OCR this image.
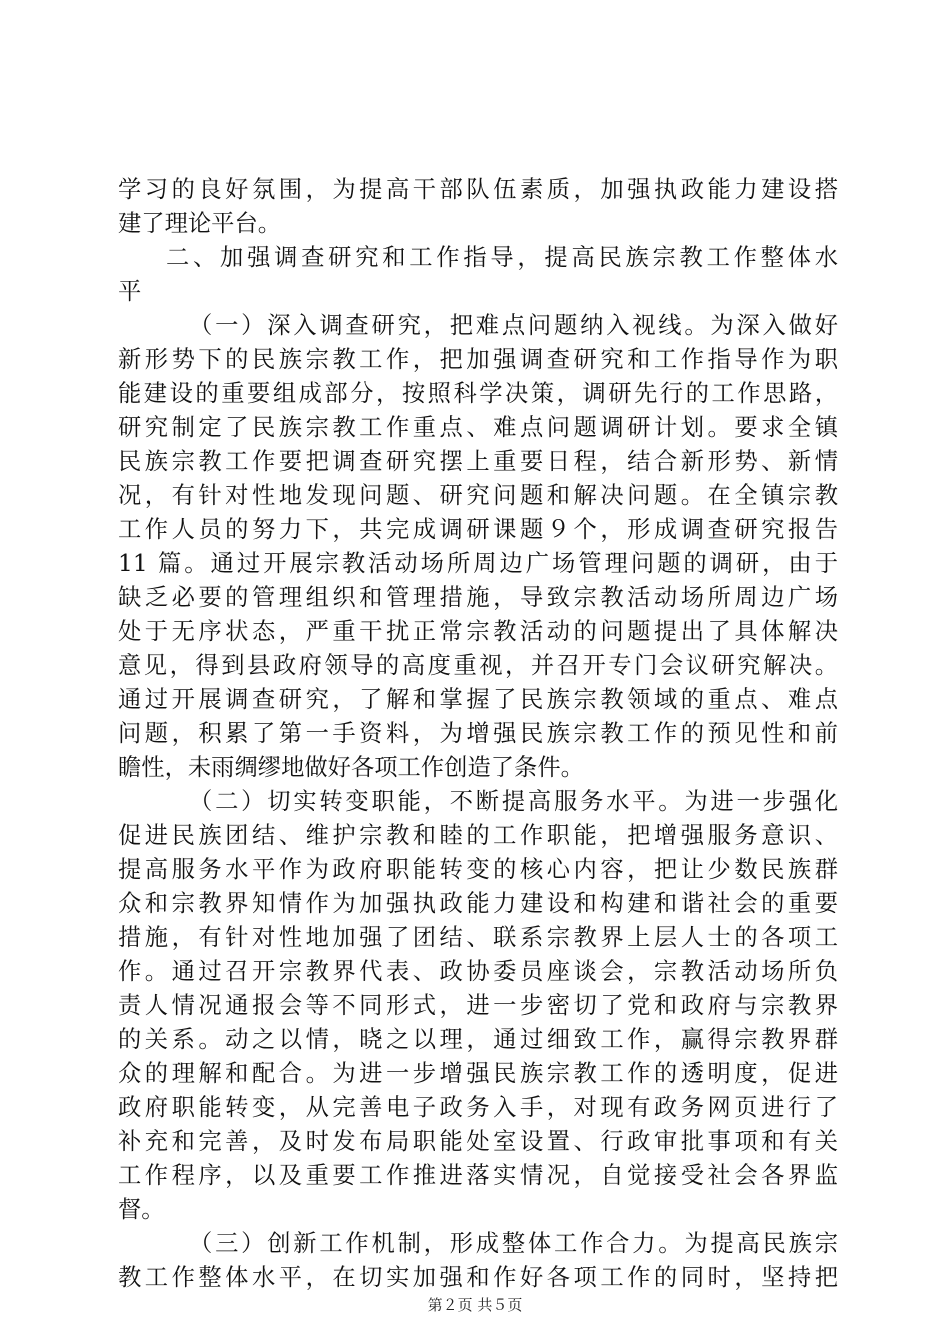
学习的良好氛围，为提高干部队伍素质，加强执政能力建设搭
建了理论平台。
二、加强调查研究和工作指导，提高民族宗教工作整体水
平
（一）深入调查研究，把难点问题纳入视线。为深入做好
新形势下的民族宗教工作，把加强调查研究和工作指导作为职
能建设的重要组成部分，按照科学决策，调研先行的工作思路，
研究制定了民族宗教工作重点、难点问题调研计划。要求全镇
民族宗教工作要把调查研究摆上重要日程，结合新形势、新情
况，有针对性地发现问题、研究问题和解决问题。在全镇宗教
工作人员的努力下，共完成调研课题９个，形成调查研究报告
11 篇。通过开展宗教活动场所周边广场管理问题的调研，由于
缺乏必要的管理组织和管理措施，导致宗教活动场所周边广场
处于无序状态，严重干扰正常宗教活动的问题提出了具体解决
意见，得到县政府领导的高度重视，并召开专门会议研究解决。
通过开展调查研究，了解和掌握了民族宗教领域的重点、难点
问题，积累了第一手资料，为增强民族宗教工作的预见性和前
瞻性，未雨绸缪地做好各项工作创造了条件。
（二）切实转变职能，不断提高服务水平。为进一步强化
促进民族团结、维护宗教和睦的工作职能，把增强服务意识、
提高服务水平作为政府职能转变的核心内容，把让少数民族群
众和宗教界知情作为加强执政能力建设和构建和谐社会的重要
措施，有针对性地加强了团结、联系宗教界上层人士的各项工
作。通过召开宗教界代表、政协委员座谈会，宗教活动场所负
责人情况通报会等不同形式，进一步密切了党和政府与宗教界
的关系。动之以情，晓之以理，通过细致工作，赢得宗教界群
众的理解和配合。为进一步增强民族宗教工作的透明度，促进
政府职能转变，从完善电子政务入手，对现有政务网页进行了
补充和完善，及时发布局职能处室设置、行政审批事项和有关
工作程序，以及重要工作推进落实情况，自觉接受社会各界监
督。
（三）创新工作机制，形成整体工作合力。为提高民族宗
教工作整体水平，在切实加强和作好各项工作的同时，坚持把
第２页 共５页
